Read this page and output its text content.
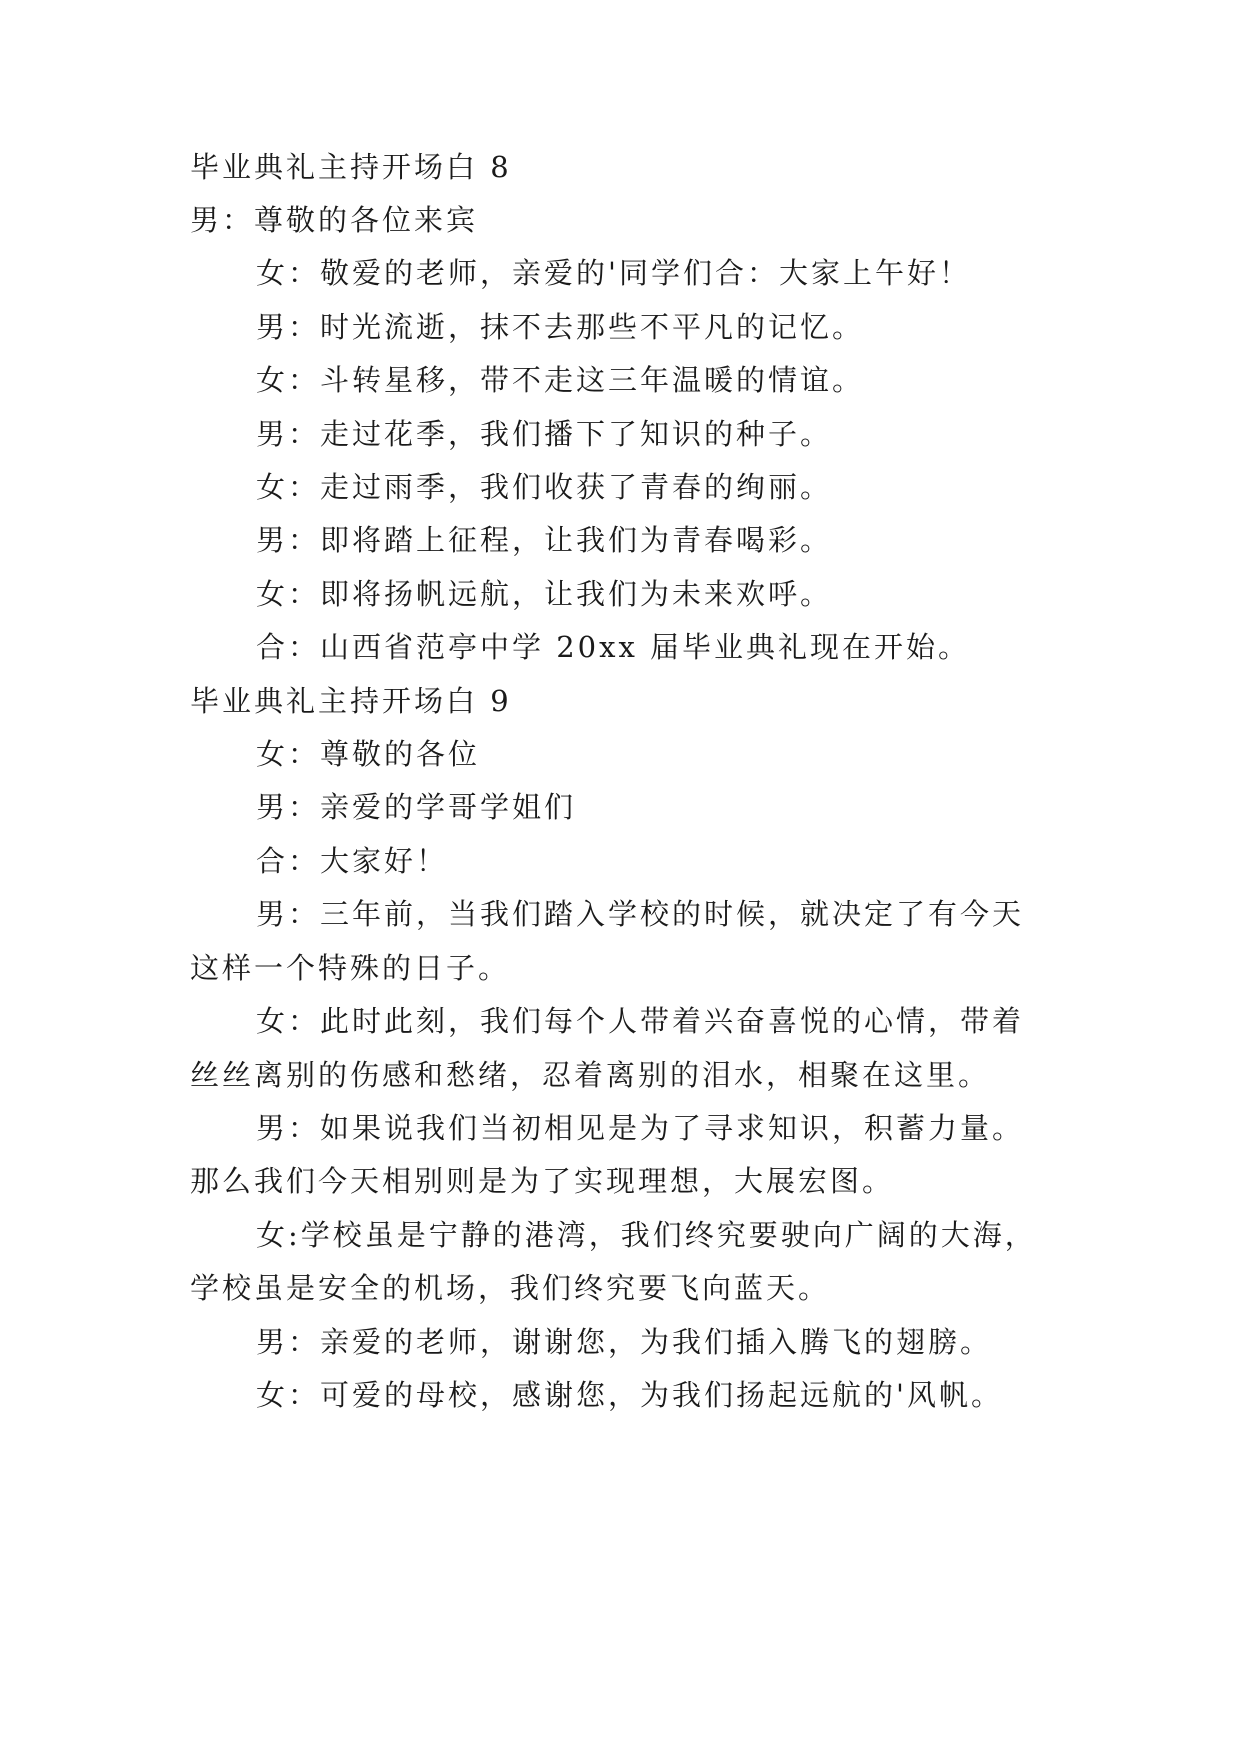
毕业典礼主持开场白 8

男：尊敬的各位来宾

女：敬爱的老师，亲爱的'同学们合：大家上午好！

男：时光流逝，抹不去那些不平凡的记忆。

女：斗转星移，带不走这三年温暖的情谊。

男：走过花季，我们播下了知识的种子。

女：走过雨季，我们收获了青春的绚丽。

男：即将踏上征程，让我们为青春喝彩。

女：即将扬帆远航，让我们为未来欢呼。

合：山西省范亭中学 20xx 届毕业典礼现在开始。

毕业典礼主持开场白 9

女：尊敬的各位

男：亲爱的学哥学姐们

合：大家好！

男：三年前，当我们踏入学校的时候，就决定了有今天

这样一个特殊的日子。

女：此时此刻，我们每个人带着兴奋喜悦的心情，带着

丝丝离别的伤感和愁绪，忍着离别的泪水，相聚在这里。

男：如果说我们当初相见是为了寻求知识，积蓄力量。

那么我们今天相别则是为了实现理想，大展宏图。

女:学校虽是宁静的港湾，我们终究要驶向广阔的大海，

学校虽是安全的机场，我们终究要飞向蓝天。

男：亲爱的老师，谢谢您，为我们插入腾飞的翅膀。

女：可爱的母校，感谢您，为我们扬起远航的'风帆。
